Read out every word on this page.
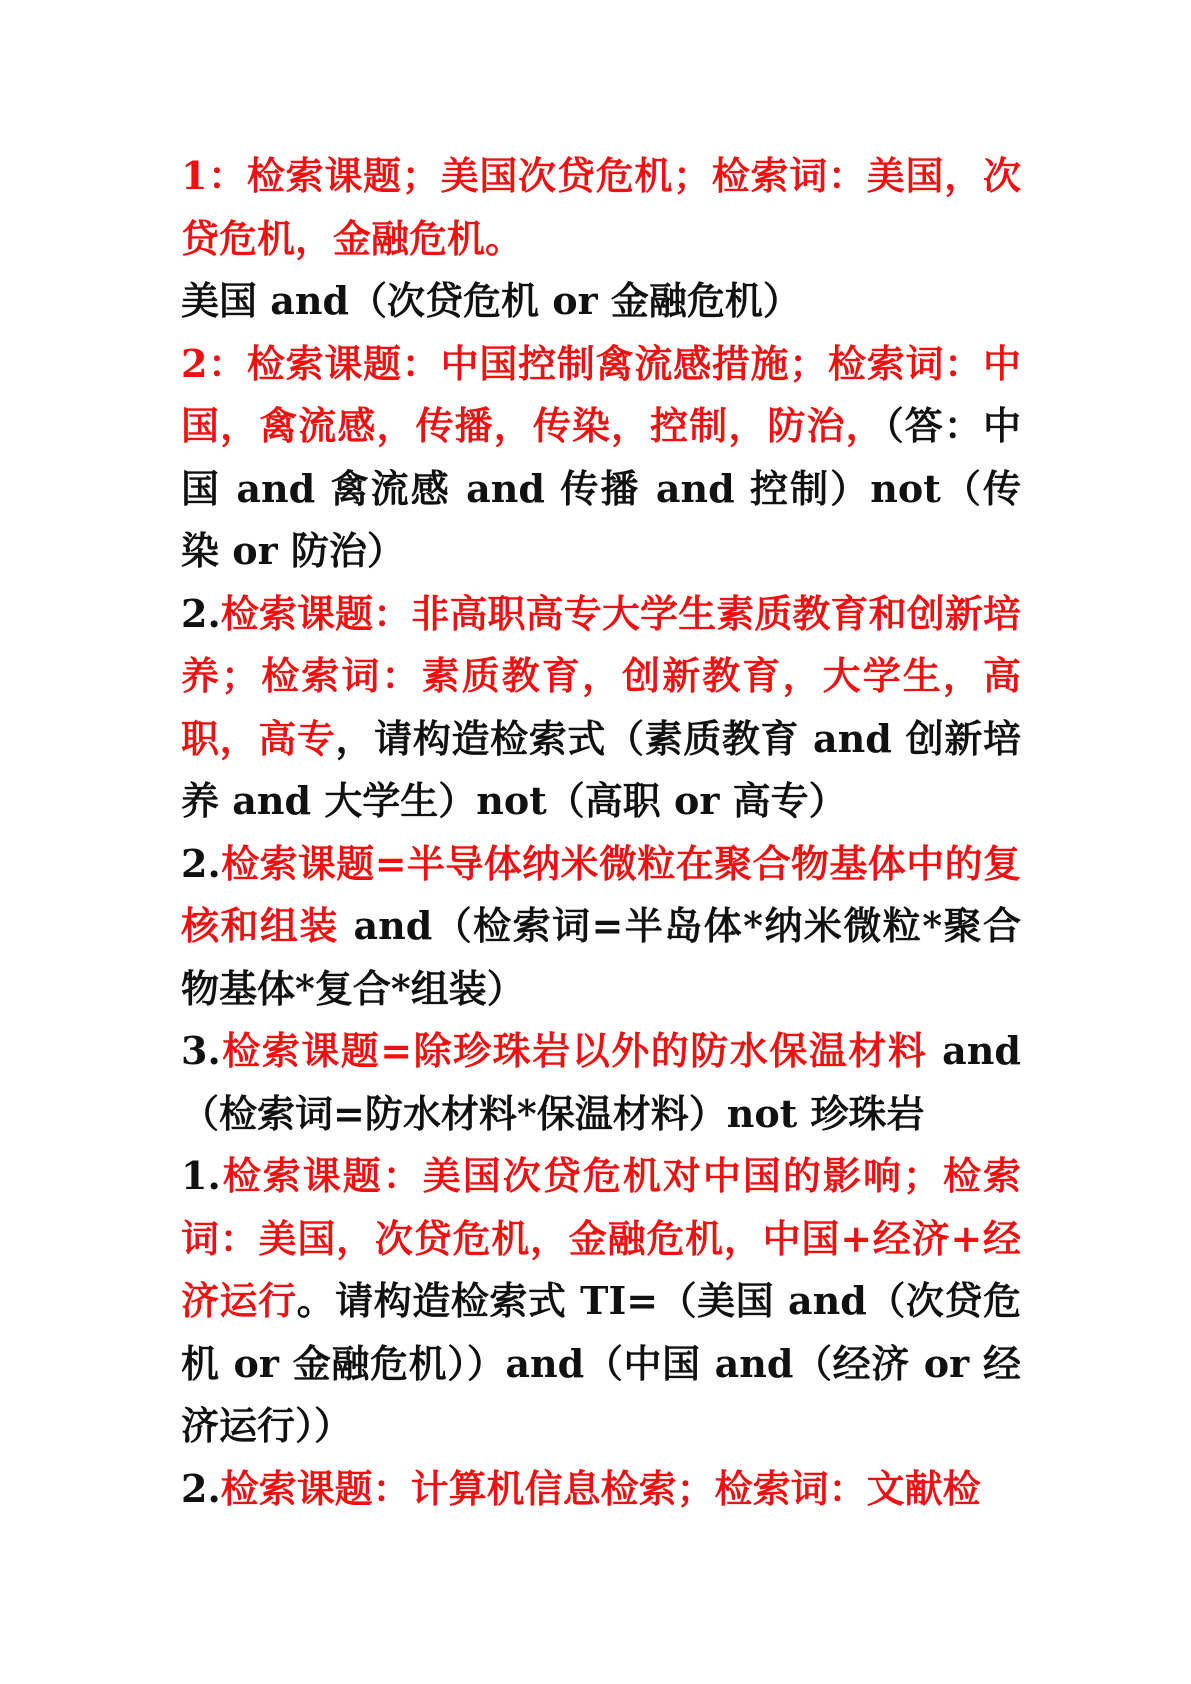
1：检索课题；美国次贷危机；检索词：美国，次贷危机，金融危机。

美国 and（次贷危机 or 金融危机）

2：检索课题：中国控制禽流感措施；检索词：中国，禽流感，传播，传染，控制，防治，（答：中国 and 禽流感 and 传播 and 控制）not（传染 or 防治）

2.检索课题：非高职高专大学生素质教育和创新培养；检索词：素质教育，创新教育，大学生，高职，高专，请构造检索式（素质教育 and 创新培养 and 大学生）not（高职 or 高专）

2.检索课题=半导体纳米微粒在聚合物基体中的复核和组装 and（检索词=半岛体*纳米微粒*聚合物基体*复合*组装）

3.检索课题=除珍珠岩以外的防水保温材料 and（检索词=防水材料*保温材料）not 珍珠岩

1.检索课题：美国次贷危机对中国的影响；检索词：美国，次贷危机，金融危机，中国+经济+经济运行。请构造检索式 TI=（美国 and（次贷危机 or 金融危机））and（中国 and（经济 or 经济运行））

2.检索课题：计算机信息检索；检索词：文献检
